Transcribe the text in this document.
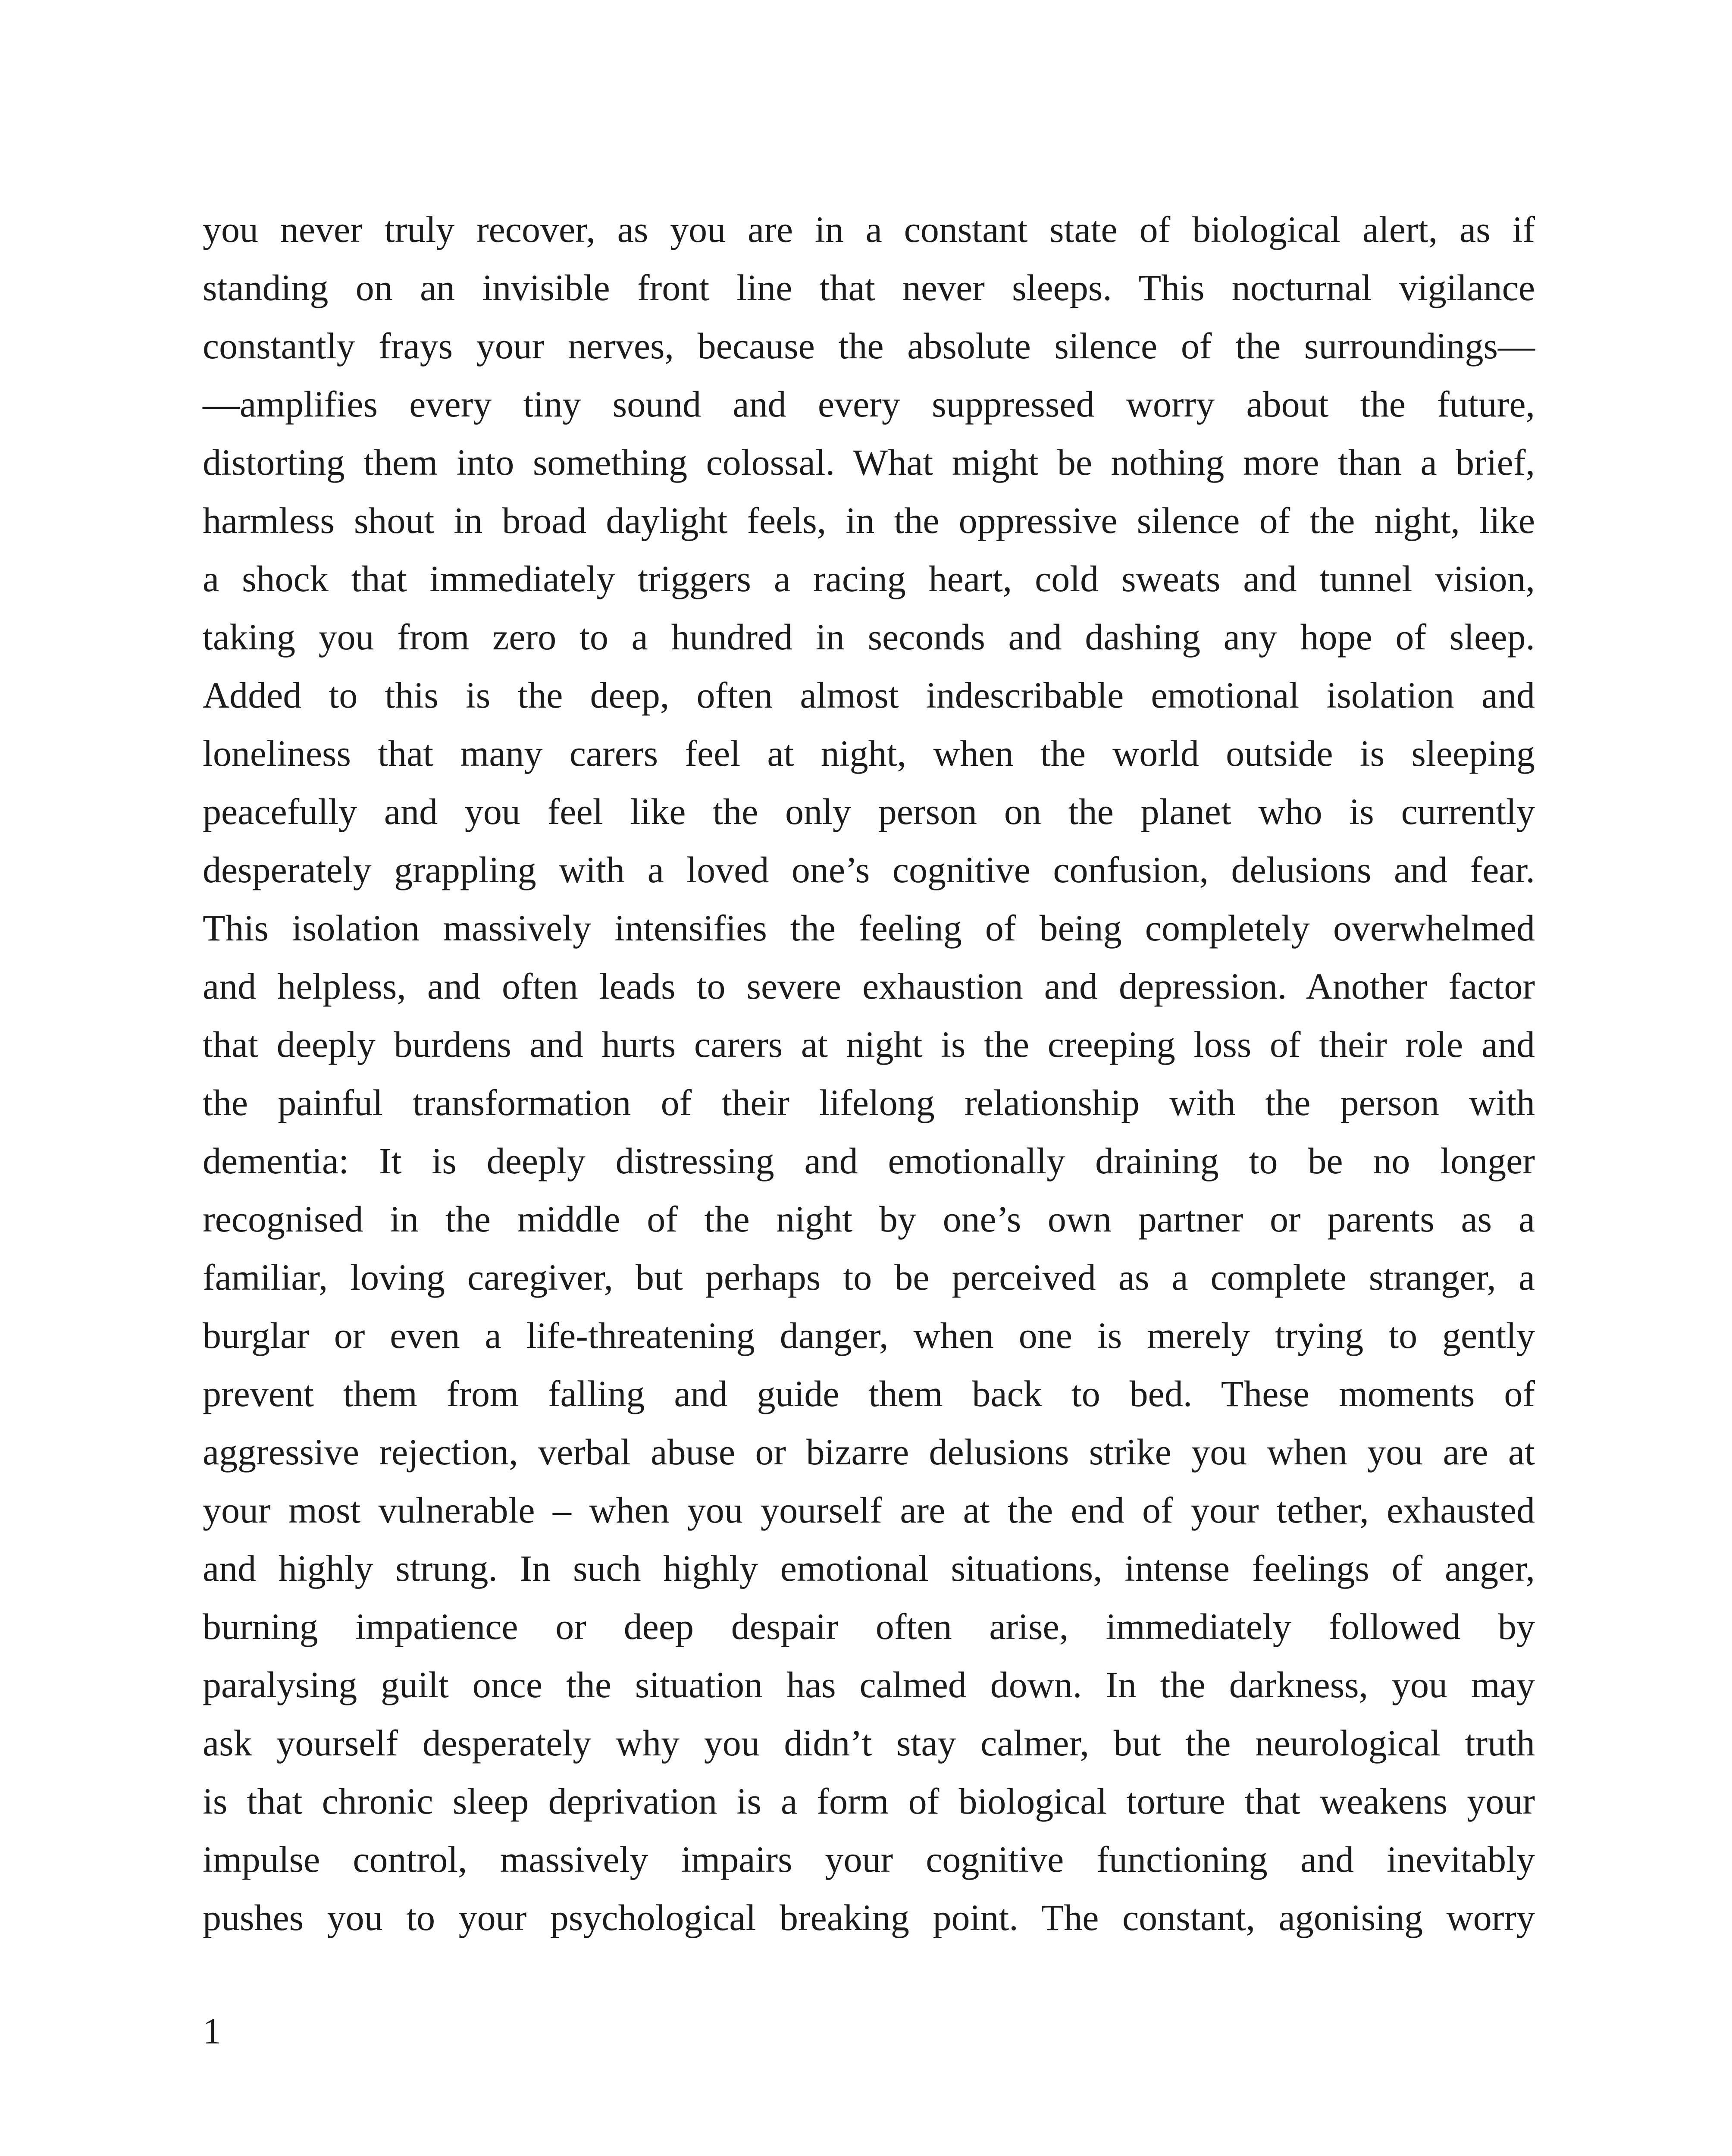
you never truly recover, as you are in a constant state of biological alert, as if
standing on an invisible front line that never sleeps. This nocturnal vigilance
constantly frays your nerves, because the absolute silence of the surroundings—
—amplifies every tiny sound and every suppressed worry about the future,
distorting them into something colossal. What might be nothing more than a brief,
harmless shout in broad daylight feels, in the oppressive silence of the night, like
a shock that immediately triggers a racing heart, cold sweats and tunnel vision,
taking you from zero to a hundred in seconds and dashing any hope of sleep.
Added to this is the deep, often almost indescribable emotional isolation and
loneliness that many carers feel at night, when the world outside is sleeping
peacefully and you feel like the only person on the planet who is currently
desperately grappling with a loved one’s cognitive confusion, delusions and fear.
This isolation massively intensifies the feeling of being completely overwhelmed
and helpless, and often leads to severe exhaustion and depression. Another factor
that deeply burdens and hurts carers at night is the creeping loss of their role and
the painful transformation of their lifelong relationship with the person with
dementia: It is deeply distressing and emotionally draining to be no longer
recognised in the middle of the night by one’s own partner or parents as a
familiar, loving caregiver, but perhaps to be perceived as a complete stranger, a
burglar or even a life-threatening danger, when one is merely trying to gently
prevent them from falling and guide them back to bed. These moments of
aggressive rejection, verbal abuse or bizarre delusions strike you when you are at
your most vulnerable – when you yourself are at the end of your tether, exhausted
and highly strung. In such highly emotional situations, intense feelings of anger,
burning impatience or deep despair often arise, immediately followed by
paralysing guilt once the situation has calmed down. In the darkness, you may
ask yourself desperately why you didn’t stay calmer, but the neurological truth
is that chronic sleep deprivation is a form of biological torture that weakens your
impulse control, massively impairs your cognitive functioning and inevitably
pushes you to your psychological breaking point. The constant, agonising worry
1
